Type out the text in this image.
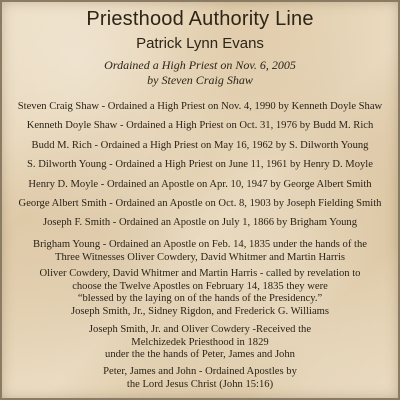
Priesthood Authority Line
Patrick Lynn Evans
Ordained a High Priest on Nov. 6, 2005
by Steven Craig Shaw
Steven Craig Shaw - Ordained a High Priest on Nov. 4, 1990 by Kenneth Doyle Shaw
Kenneth Doyle Shaw - Ordained a High Priest on Oct. 31, 1976 by Budd M. Rich
Budd M. Rich - Ordained a High Priest on May 16, 1962 by S. Dilworth Young
S. Dilworth Young - Ordained a High Priest on June 11, 1961 by Henry D. Moyle
Henry D. Moyle - Ordained an Apostle on Apr. 10, 1947 by George Albert Smith
George Albert Smith - Ordained an Apostle on Oct. 8, 1903 by Joseph Fielding Smith
Joseph F. Smith - Ordained an Apostle on July 1, 1866 by Brigham Young
Brigham Young - Ordained an Apostle on Feb. 14, 1835 under the hands of the
Three Witnesses Oliver Cowdery, David Whitmer and Martin Harris
Oliver Cowdery, David Whitmer and Martin Harris - called by revelation to
choose the Twelve Apostles on February 14, 1835 they were
“blessed by the laying on of the hands of the Presidency.”
Joseph Smith, Jr., Sidney Rigdon, and Frederick G. Williams
Joseph Smith, Jr. and Oliver Cowdery -Received the
Melchizedek Priesthood in 1829
under the the hands of Peter, James and John
Peter, James and John - Ordained Apostles by
the Lord Jesus Christ (John 15:16)
